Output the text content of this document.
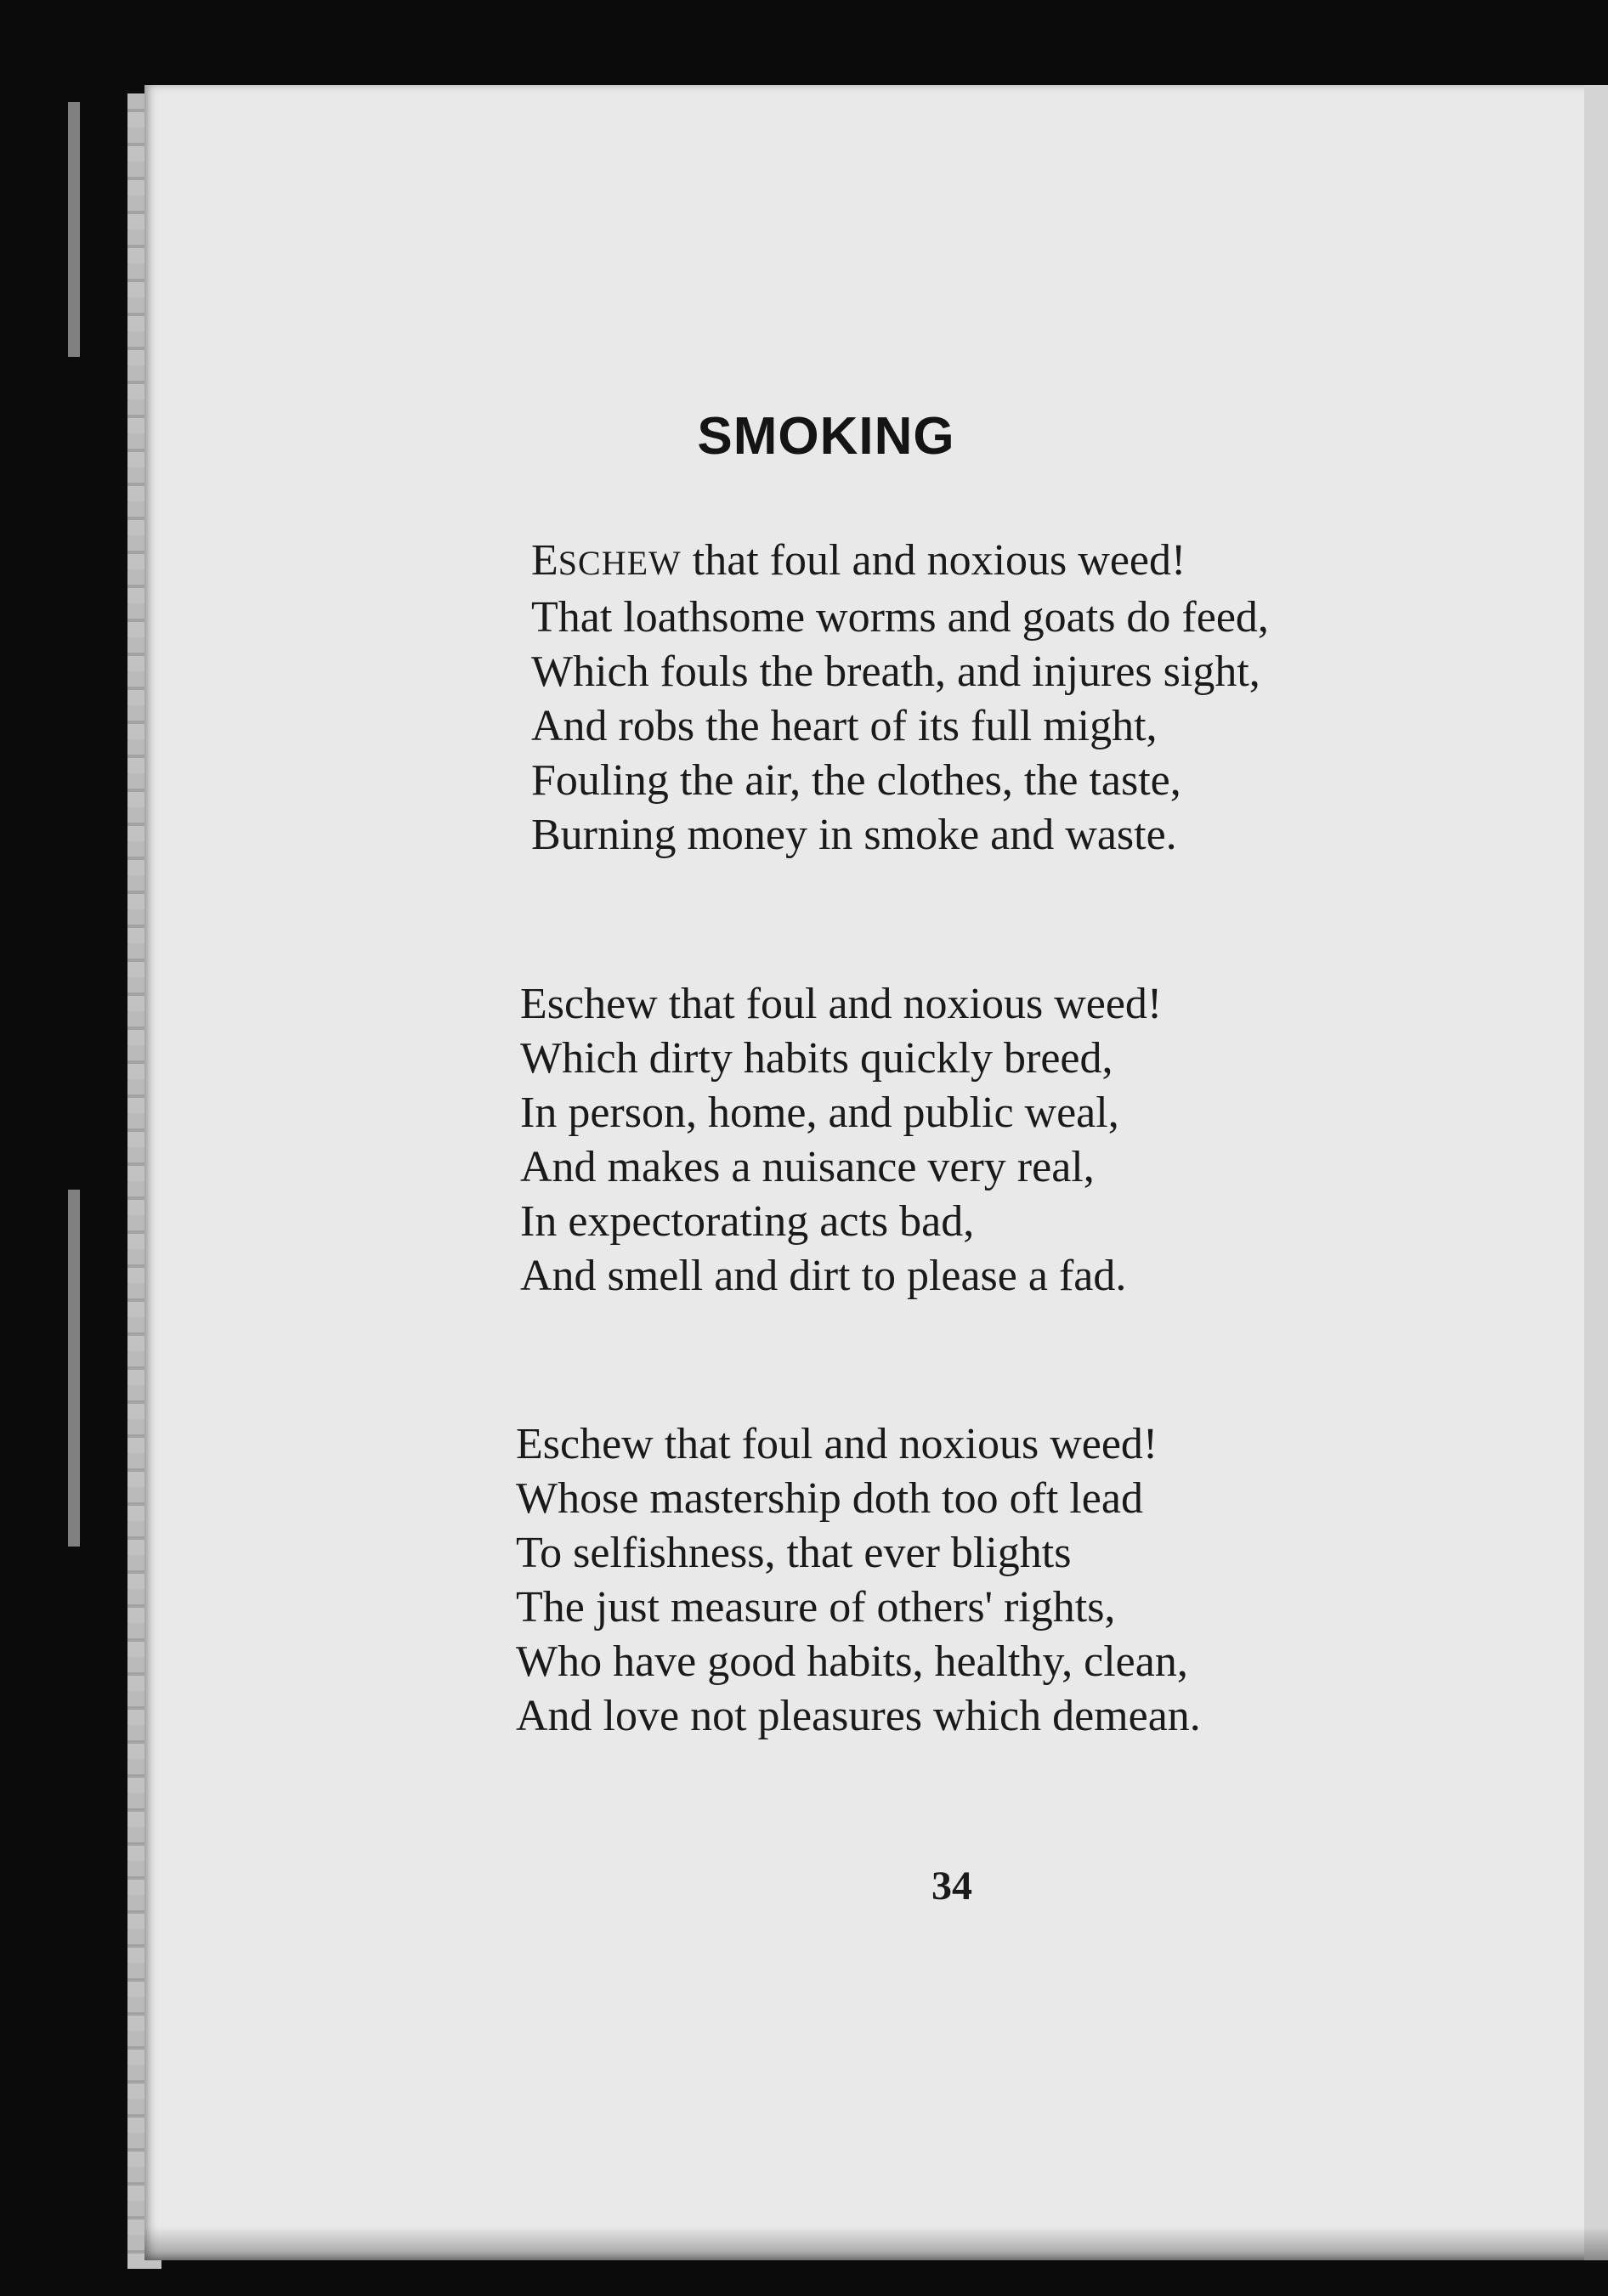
SMOKING
ESCHEW that foul and noxious weed!
That loathsome worms and goats do feed,
Which fouls the breath, and injures sight,
And robs the heart of its full might,
Fouling the air, the clothes, the taste,
Burning money in smoke and waste.
Eschew that foul and noxious weed!
Which dirty habits quickly breed,
In person, home, and public weal,
And makes a nuisance very real,
In expectorating acts bad,
And smell and dirt to please a fad.
Eschew that foul and noxious weed!
Whose mastership doth too oft lead
To selfishness, that ever blights
The just measure of others' rights,
Who have good habits, healthy, clean,
And love not pleasures which demean.
34
